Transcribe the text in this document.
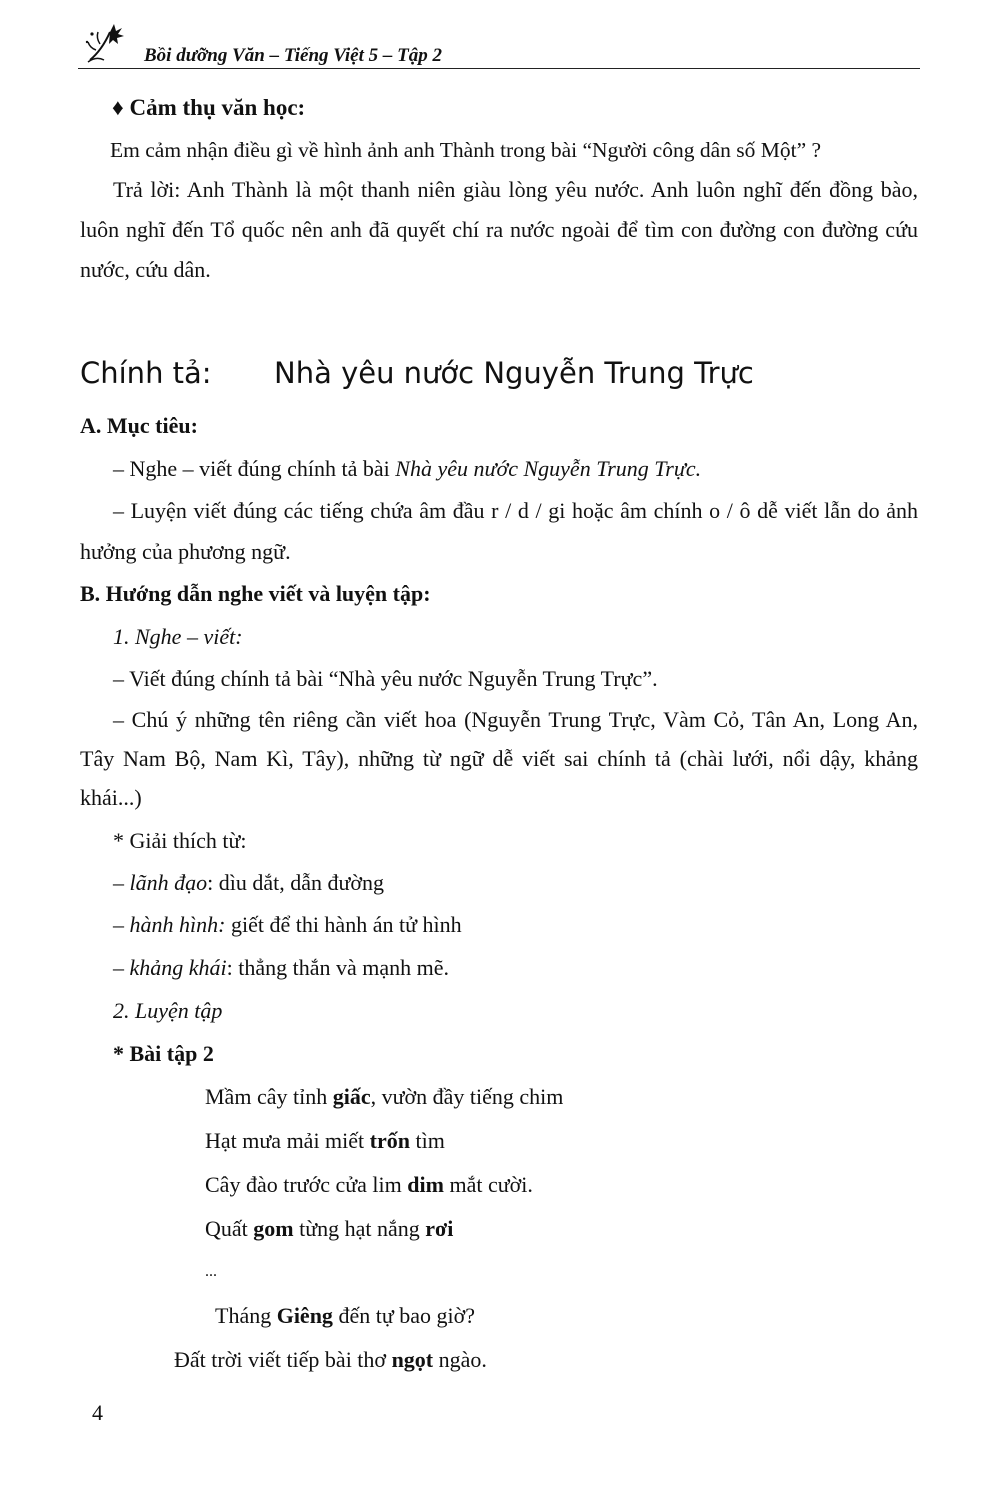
Bồi dưỡng Văn – Tiếng Việt 5 – Tập 2
♦ Cảm thụ văn học:
Em cảm nhận điều gì về hình ảnh anh Thành trong bài “Người công dân số Một” ?
Trả lời: Anh Thành là một thanh niên giàu lòng yêu nước. Anh luôn nghĩ đến đồng bào, luôn nghĩ đến Tổ quốc nên anh đã quyết chí ra nước ngoài để tìm con đường con đường cứu nước, cứu dân.
Chính tả: Nhà yêu nước Nguyễn Trung Trực
A. Mục tiêu:
– Nghe – viết đúng chính tả bài Nhà yêu nước Nguyễn Trung Trực.
– Luyện viết đúng các tiếng chứa âm đầu r / d / gi hoặc âm chính o / ô dễ viết lẫn do ảnh hưởng của phương ngữ.
B. Hướng dẫn nghe viết và luyện tập:
1. Nghe – viết:
– Viết đúng chính tả bài “Nhà yêu nước Nguyễn Trung Trực”.
– Chú ý những tên riêng cần viết hoa (Nguyễn Trung Trực, Vàm Cỏ, Tân An, Long An, Tây Nam Bộ, Nam Kì, Tây), những từ ngữ dễ viết sai chính tả (chài lưới, nổi dậy, khảng khái...)
* Giải thích từ:
– lãnh đạo: dìu dắt, dẫn đường
– hành hình: giết để thi hành án tử hình
– khảng khái: thẳng thắn và mạnh mẽ.
2. Luyện tập
* Bài tập 2
Mầm cây tỉnh giấc, vườn đầy tiếng chim
Hạt mưa mải miết trốn tìm
Cây đào trước cửa lim dim mắt cười.
Quất gom từng hạt nắng rơi
...
Tháng Giêng đến tự bao giờ?
Đất trời viết tiếp bài thơ ngọt ngào.
4
